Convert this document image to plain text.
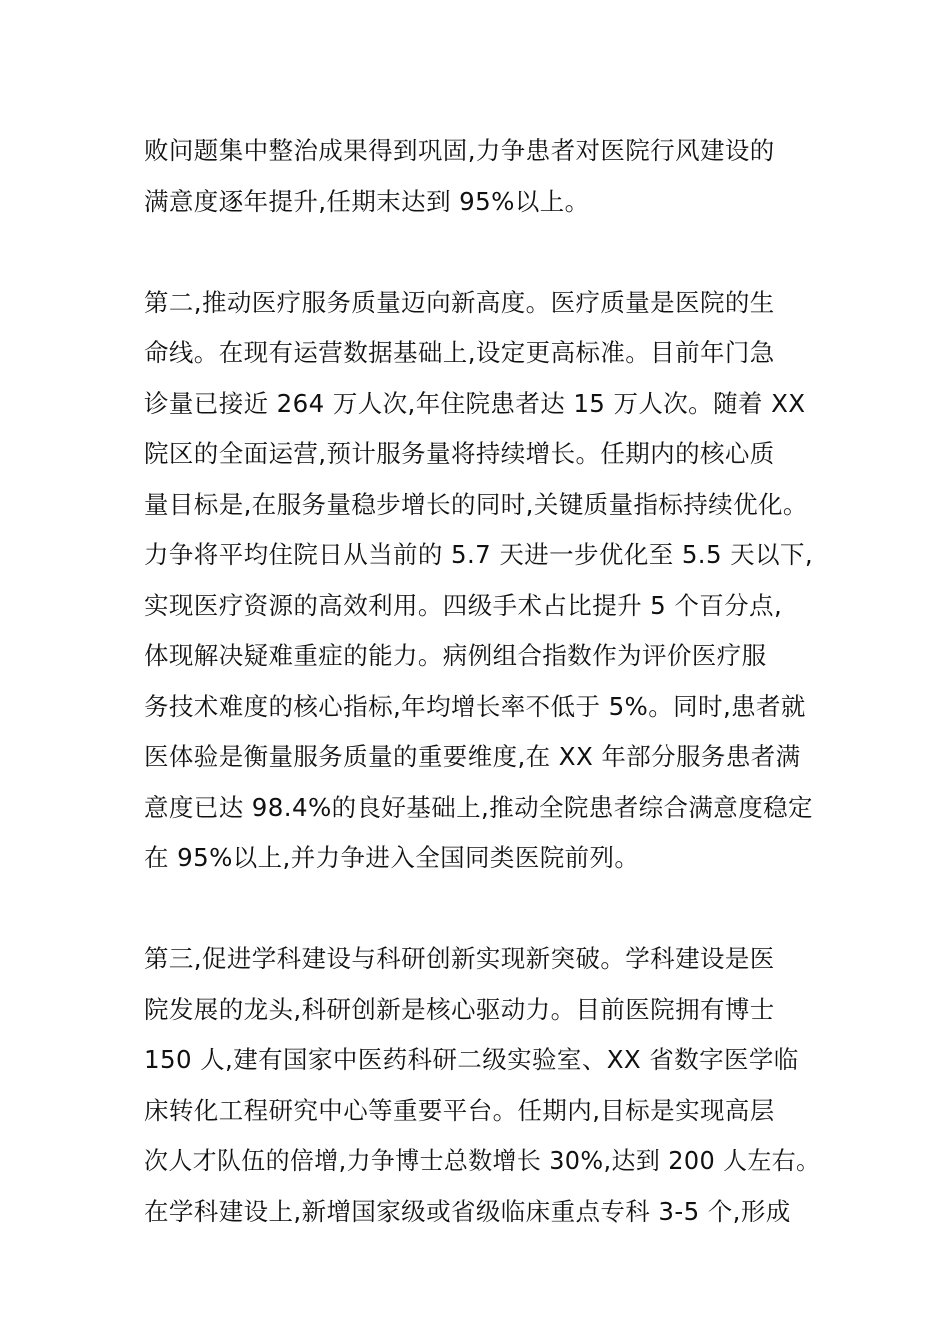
败问题集中整治成果得到巩固,力争患者对医院行风建设的
满意度逐年提升,任期末达到 95%以上。
第二,推动医疗服务质量迈向新高度。医疗质量是医院的生
命线。在现有运营数据基础上,设定更高标准。目前年门急
诊量已接近 264 万人次,年住院患者达 15 万人次。随着 XX
院区的全面运营,预计服务量将持续增长。任期内的核心质
量目标是,在服务量稳步增长的同时,关键质量指标持续优化。
力争将平均住院日从当前的 5.7 天进一步优化至 5.5 天以下,
实现医疗资源的高效利用。四级手术占比提升 5 个百分点,
体现解决疑难重症的能力。病例组合指数作为评价医疗服
务技术难度的核心指标,年均增长率不低于 5%。同时,患者就
医体验是衡量服务质量的重要维度,在 XX 年部分服务患者满
意度已达 98.4%的良好基础上,推动全院患者综合满意度稳定
在 95%以上,并力争进入全国同类医院前列。
第三,促进学科建设与科研创新实现新突破。学科建设是医
院发展的龙头,科研创新是核心驱动力。目前医院拥有博士
150 人,建有国家中医药科研二级实验室、XX 省数字医学临
床转化工程研究中心等重要平台。任期内,目标是实现高层
次人才队伍的倍增,力争博士总数增长 30%,达到 200 人左右。
在学科建设上,新增国家级或省级临床重点专科 3-5 个,形成
